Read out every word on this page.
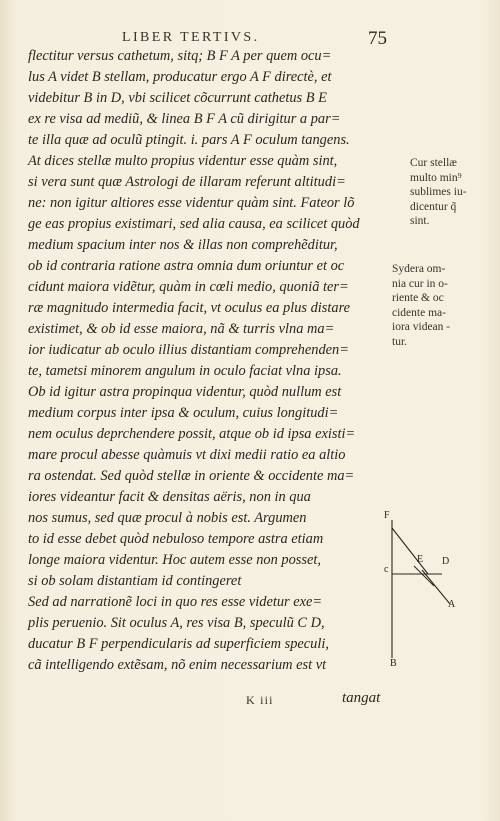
LIBER TERTIVS.	75
flectitur versus cathetum, sitq; B F A per quem ocu=
lus A videt B stellam, producatur ergo A F directè, et
videbitur B in D, vbi scilicet cõcurrunt cathetus B E
ex re visa ad mediũ, & linea B F A cũ dirigitur a par=
te illa quæ ad oculũ ptingit. i. pars A F oculum tangens.
At dices stellæ multo propius videntur esse quàm sint,
si vera sunt quæ Astrologi de illaram referunt altitudi=
ne: non igitur altiores esse videntur quàm sint. Fateor lõ
ge eas propius existimari, sed alia causa, ea scilicet quòd
medium spacium inter nos & illas non comprehẽditur,
ob id contraria ratione astra omnia dum oriuntur et oc
cidunt maiora vidẽtur, quàm in cœli medio, quoniã ter=
ræ magnitudo intermedia facit, vt oculus ea plus distare
existimet, & ob id esse maiora, nã & turris vlna ma=
ior iudicatur ab oculo illius distantiam comprehenden=
te, tametsi minorem angulum in oculo faciat vlna ipsa.
Ob id igitur astra propinqua videntur, quòd nullum est
medium corpus inter ipsa & oculum, cuius longitudi=
nem oculus deprchendere possit, atque ob id ipsa existi=
mare procul abesse quàmuis vt dixi medii ratio ea altio
ra ostendat. Sed quòd stellæ in oriente & occidente ma=
iores videantur facit & densitas aëris, non in qua
nos sumus, sed quæ procul à nobis est. Argumen
to id esse debet quòd nebuloso tempore astra etiam
longe maiora videntur. Hoc autem esse non posset,
si ob solam distantiam id contingeret
Sed ad narrationẽ loci in quo res esse videtur exe=
plis peruenio. Sit oculus A, res visa B, speculũ C D,
ducatur B F perpendicularis ad superficiem speculi,
cã intelligendo extẽsam, nõ enim necessarium est vt
Cur stellæ
multo min⁹
sublimes iu-
dicentur q̃
sint.
Sydera om-
nia cur in o-
riente & oc
cidente ma-
iora videan -
tur.
F
E D
c
A
B
K iii	tangat
